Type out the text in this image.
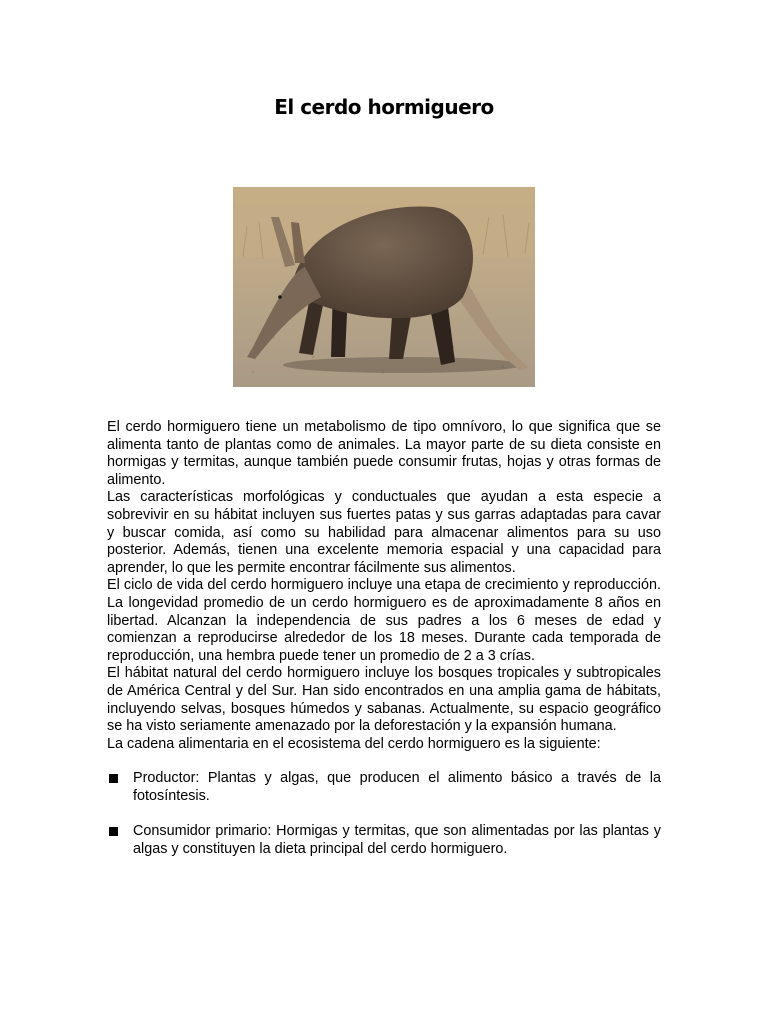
El cerdo hormiguero

El cerdo hormiguero tiene un metabolismo de tipo omnívoro, lo que significa que se alimenta tanto de plantas como de animales. La mayor parte de su dieta consiste en hormigas y termitas, aunque también puede consumir frutas, hojas y otras formas de alimento.

Las características morfológicas y conductuales que ayudan a esta especie a sobrevivir en su hábitat incluyen sus fuertes patas y sus garras adaptadas para cavar y buscar comida, así como su habilidad para almacenar alimentos para su uso posterior. Además, tienen una excelente memoria espacial y una capacidad para aprender, lo que les permite encontrar fácilmente sus alimentos.

El ciclo de vida del cerdo hormiguero incluye una etapa de crecimiento y reproducción. La longevidad promedio de un cerdo hormiguero es de aproximadamente 8 años en libertad. Alcanzan la independencia de sus padres a los 6 meses de edad y comienzan a reproducirse alrededor de los 18 meses. Durante cada temporada de reproducción, una hembra puede tener un promedio de 2 a 3 crías.

El hábitat natural del cerdo hormiguero incluye los bosques tropicales y subtropicales de América Central y del Sur. Han sido encontrados en una amplia gama de hábitats, incluyendo selvas, bosques húmedos y sabanas. Actualmente, su espacio geográfico se ha visto seriamente amenazado por la deforestación y la expansión humana.

La cadena alimentaria en el ecosistema del cerdo hormiguero es la siguiente:

Productor: Plantas y algas, que producen el alimento básico a través de la fotosíntesis.
Consumidor primario: Hormigas y termitas, que son alimentadas por las plantas y algas y constituyen la dieta principal del cerdo hormiguero.
